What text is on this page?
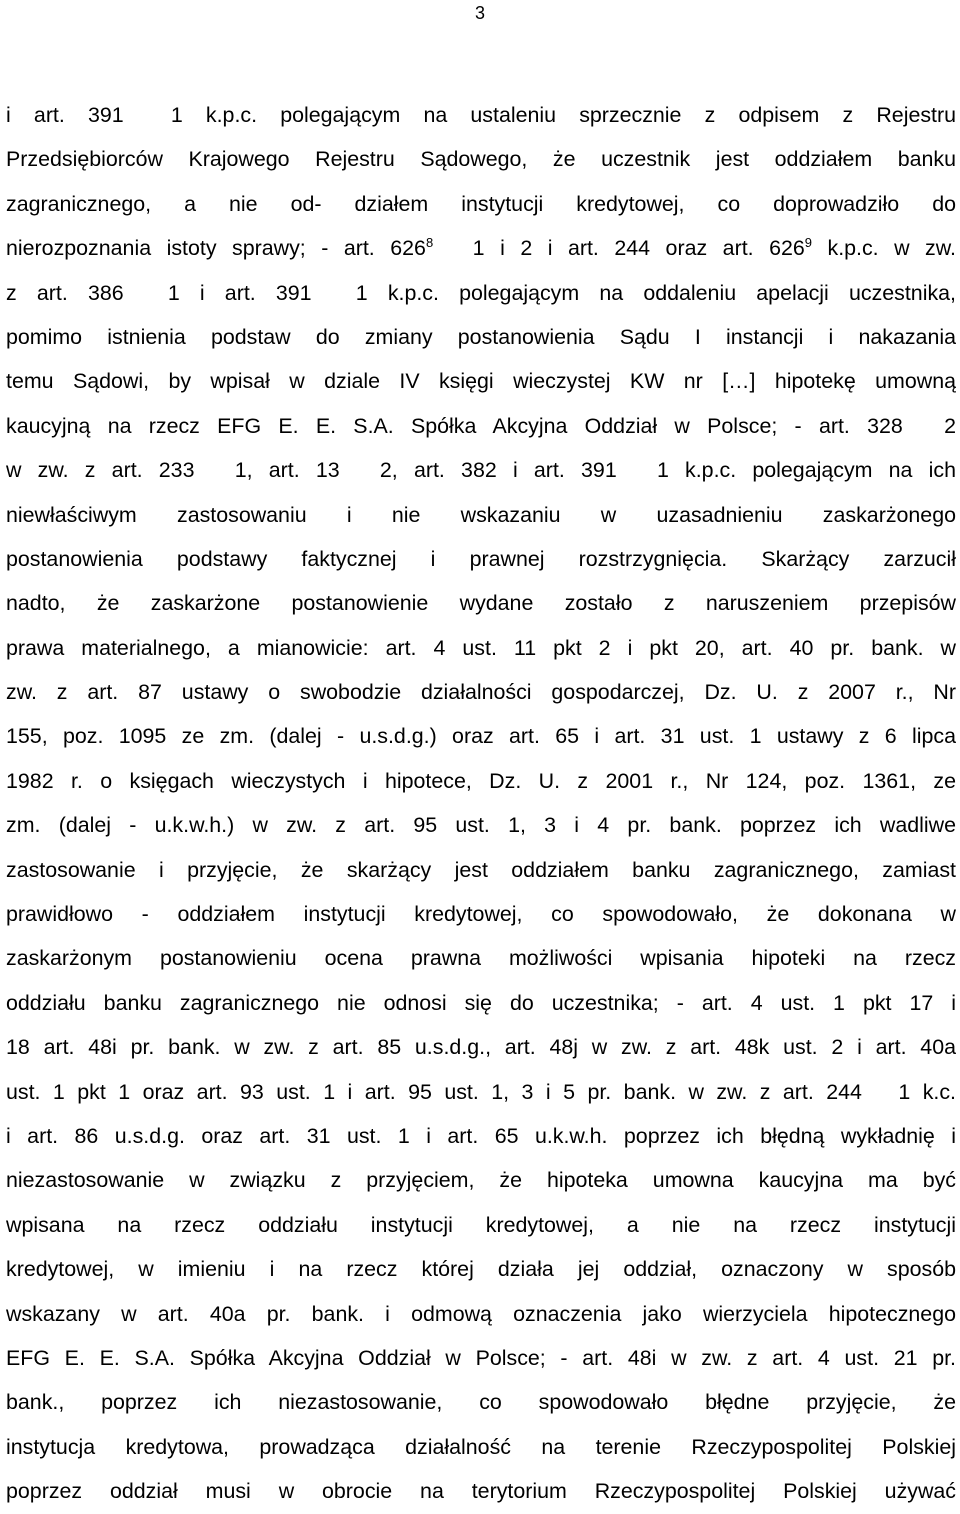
3
i art. 391 1 k.p.c. polegającym na ustaleniu sprzecznie z odpisem z Rejestru
Przedsiębiorców Krajowego Rejestru Sądowego, że uczestnik jest oddziałem banku
zagranicznego, a nie od- działem instytucji kredytowej, co doprowadziło do
nierozpoznania istoty sprawy; - art. $626^8$ 1 i 2 i art. 244 oraz art. $626^9$ k.p.c. w zw.
z art. 386 1 i art. 391 1 k.p.c. polegającym na oddaleniu apelacji uczestnika,
pomimo istnienia podstaw do zmiany postanowienia Sądu I instancji i nakazania
temu Sądowi, by wpisał w dziale IV księgi wieczystej KW nr […] hipotekę umowną
kaucyjną na rzecz EFG E. E. S.A. Spółka Akcyjna Oddział w Polsce; - art. 328 2
w zw. z art. 233 1, art. 13 2, art. 382 i art. 391 1 k.p.c. polegającym na ich
niewłaściwym zastosowaniu i nie wskazaniu w uzasadnieniu zaskarżonego
postanowienia podstawy faktycznej i prawnej rozstrzygnięcia. Skarżący zarzucił
nadto, że zaskarżone postanowienie wydane zostało z naruszeniem przepisów
prawa materialnego, a mianowicie: art. 4 ust. 11 pkt 2 i pkt 20, art. 40 pr. bank. w
zw. z art. 87 ustawy o swobodzie działalności gospodarczej, Dz. U. z 2007 r., Nr
155, poz. 1095 ze zm. (dalej - u.s.d.g.) oraz art. 65 i art. 31 ust. 1 ustawy z 6 lipca
1982 r. o księgach wieczystych i hipotece, Dz. U. z 2001 r., Nr 124, poz. 1361, ze
zm. (dalej - u.k.w.h.) w zw. z art. 95 ust. 1, 3 i 4 pr. bank. poprzez ich wadliwe
zastosowanie i przyjęcie, że skarżący jest oddziałem banku zagranicznego, zamiast
prawidłowo - oddziałem instytucji kredytowej, co spowodowało, że dokonana w
zaskarżonym postanowieniu ocena prawna możliwości wpisania hipoteki na rzecz
oddziału banku zagranicznego nie odnosi się do uczestnika; - art. 4 ust. 1 pkt 17 i
18 art. 48i pr. bank. w zw. z art. 85 u.s.d.g., art. 48j w zw. z art. 48k ust. 2 i art. 40a
ust. 1 pkt 1 oraz art. 93 ust. 1 i art. 95 ust. 1, 3 i 5 pr. bank. w zw. z art. 244 1 k.c.
i art. 86 u.s.d.g. oraz art. 31 ust. 1 i art. 65 u.k.w.h. poprzez ich błędną wykładnię i
niezastosowanie w związku z przyjęciem, że hipoteka umowna kaucyjna ma być
wpisana na rzecz oddziału instytucji kredytowej, a nie na rzecz instytucji
kredytowej, w imieniu i na rzecz której działa jej oddział, oznaczony w sposób
wskazany w art. 40a pr. bank. i odmową oznaczenia jako wierzyciela hipotecznego
EFG E. E. S.A. Spółka Akcyjna Oddział w Polsce; - art. 48i w zw. z art. 4 ust. 21 pr.
bank., poprzez ich niezastosowanie, co spowodowało błędne przyjęcie, że
instytucja kredytowa, prowadząca działalność na terenie Rzeczypospolitej Polskiej
poprzez oddział musi w obrocie na terytorium Rzeczypospolitej Polskiej używać
